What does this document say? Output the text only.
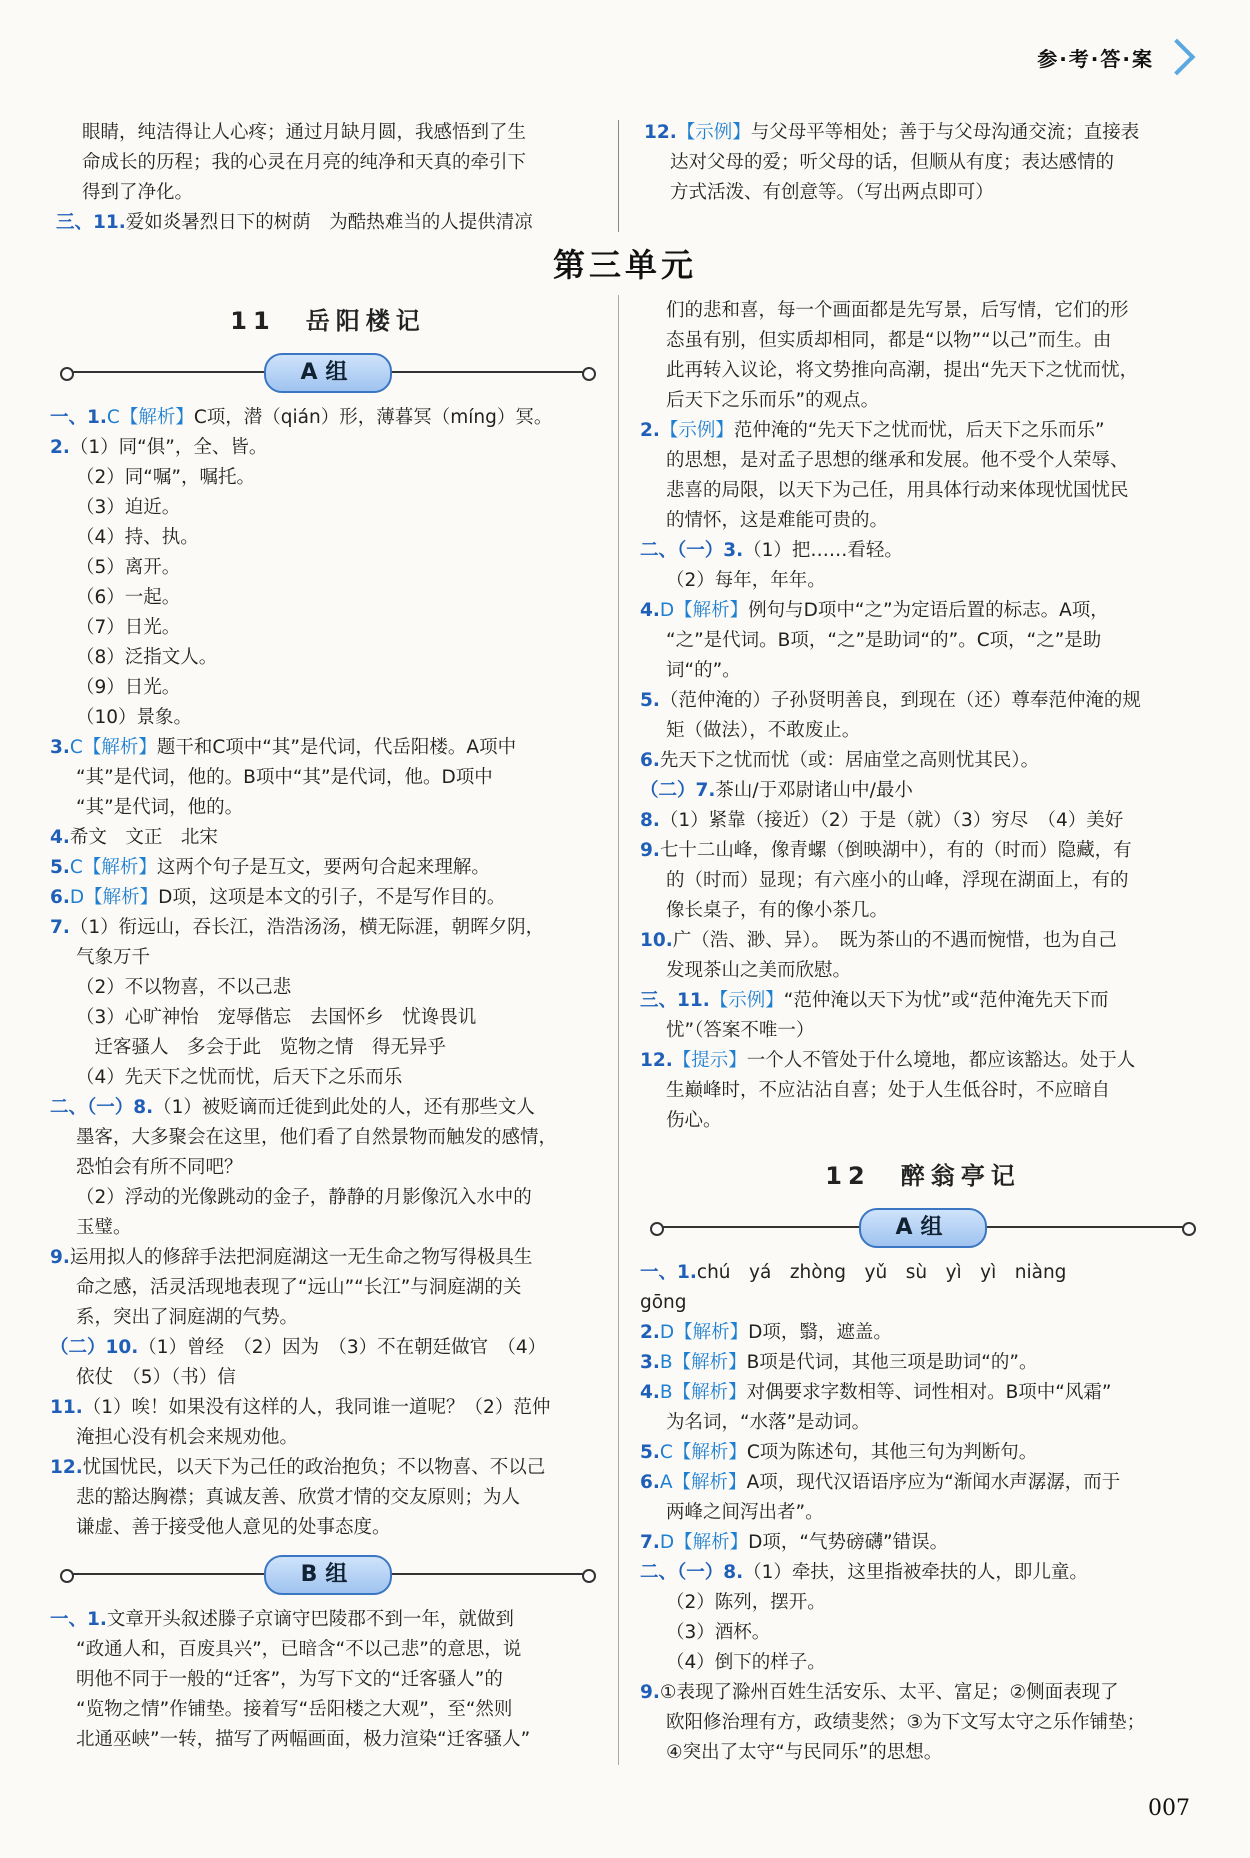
参·考·答·案
眼睛，纯洁得让人心疼；通过月缺月圆，我感悟到了生
命成长的历程；我的心灵在月亮的纯净和天真的牵引下
得到了净化。
三、11.爱如炎暑烈日下的树荫　为酷热难当的人提供清凉
12.【示例】与父母平等相处；善于与父母沟通交流；直接表
达对父母的爱；听父母的话，但顺从有度；表达感情的
方式活泼、有创意等。（写出两点即可）
第三单元
11　岳阳楼记
A组
一、1.C【解析】C项，潜（qián）形，薄暮冥（míng）冥。
2.（1）同“俱”，全、皆。
（2）同“嘱”，嘱托。
（3）迫近。
（4）持、执。
（5）离开。
（6）一起。
（7）日光。
（8）泛指文人。
（9）日光。
（10）景象。
3.C【解析】题干和C项中“其”是代词，代岳阳楼。A项中
“其”是代词，他的。B项中“其”是代词，他。D项中
“其”是代词，他的。
4.希文　文正　北宋
5.C【解析】这两个句子是互文，要两句合起来理解。
6.D【解析】D项，这项是本文的引子，不是写作目的。
7.（1）衔远山，吞长江，浩浩汤汤，横无际涯，朝晖夕阴，
气象万千
（2）不以物喜，不以己悲
（3）心旷神怡　宠辱偕忘　去国怀乡　忧谗畏讥
　迁客骚人　多会于此　览物之情　得无异乎
（4）先天下之忧而忧，后天下之乐而乐
二、（一）8.（1）被贬谪而迁徙到此处的人，还有那些文人
墨客，大多聚会在这里，他们看了自然景物而触发的感情，
恐怕会有所不同吧？
（2）浮动的光像跳动的金子，静静的月影像沉入水中的
玉璧。
9.运用拟人的修辞手法把洞庭湖这一无生命之物写得极具生
命之感，活灵活现地表现了“远山”“长江”与洞庭湖的关
系，突出了洞庭湖的气势。
（二）10.（1）曾经　（2）因为　（3）不在朝廷做官　（4）
依仗　（5）（书）信
11.（1）唉！如果没有这样的人，我同谁一道呢？（2）范仲
淹担心没有机会来规劝他。
12.忧国忧民，以天下为己任的政治抱负；不以物喜、不以己
悲的豁达胸襟；真诚友善、欣赏才情的交友原则；为人
谦虚、善于接受他人意见的处事态度。
B组
一、1.文章开头叙述滕子京谪守巴陵郡不到一年，就做到
“政通人和，百废具兴”，已暗含“不以己悲”的意思，说
明他不同于一般的“迁客”，为写下文的“迁客骚人”的
“览物之情”作铺垫。接着写“岳阳楼之大观”，至“然则
北通巫峡”一转，描写了两幅画面，极力渲染“迁客骚人”
们的悲和喜，每一个画面都是先写景，后写情，它们的形
态虽有别，但实质却相同，都是“以物”“以己”而生。由
此再转入议论，将文势推向高潮，提出“先天下之忧而忧，
后天下之乐而乐”的观点。
2.【示例】范仲淹的“先天下之忧而忧，后天下之乐而乐”
的思想，是对孟子思想的继承和发展。他不受个人荣辱、
悲喜的局限，以天下为己任，用具体行动来体现忧国忧民
的情怀，这是难能可贵的。
二、（一）3.（1）把……看轻。
（2）每年，年年。
4.D【解析】例句与D项中“之”为定语后置的标志。A项，
“之”是代词。B项，“之”是助词“的”。C项，“之”是助
词“的”。
5.（范仲淹的）子孙贤明善良，到现在（还）尊奉范仲淹的规
矩（做法），不敢废止。
6.先天下之忧而忧（或：居庙堂之高则忧其民）。
（二）7.茶山/于邓尉诸山中/最小
8.（1）紧靠（接近）（2）于是（就）（3）穷尽　（4）美好
9.七十二山峰，像青螺（倒映湖中），有的（时而）隐藏，有
的（时而）显现；有六座小的山峰，浮现在湖面上，有的
像长桌子，有的像小茶几。
10.广（浩、渺、异）。　既为茶山的不遇而惋惜，也为自己
发现茶山之美而欣慰。
三、11.【示例】“范仲淹以天下为忧”或“范仲淹先天下而
忧”（答案不唯一）
12.【提示】一个人不管处于什么境地，都应该豁达。处于人
生巅峰时，不应沾沾自喜；处于人生低谷时，不应暗自
伤心。
12　醉翁亭记
A组
一、1.chú　yá　zhòng　yǔ　sù　yì　yì　niàng
gōng
2.D【解析】D项，翳，遮盖。
3.B【解析】B项是代词，其他三项是助词“的”。
4.B【解析】对偶要求字数相等、词性相对。B项中“风霜”
为名词，“水落”是动词。
5.C【解析】C项为陈述句，其他三句为判断句。
6.A【解析】A项，现代汉语语序应为“渐闻水声潺潺，而于
两峰之间泻出者”。
7.D【解析】D项，“气势磅礴”错误。
二、（一）8.（1）牵扶，这里指被牵扶的人，即儿童。
（2）陈列，摆开。
（3）酒杯。
（4）倒下的样子。
9.①表现了滁州百姓生活安乐、太平、富足；②侧面表现了
欧阳修治理有方，政绩斐然；③为下文写太守之乐作铺垫；
④突出了太守“与民同乐”的思想。
007
